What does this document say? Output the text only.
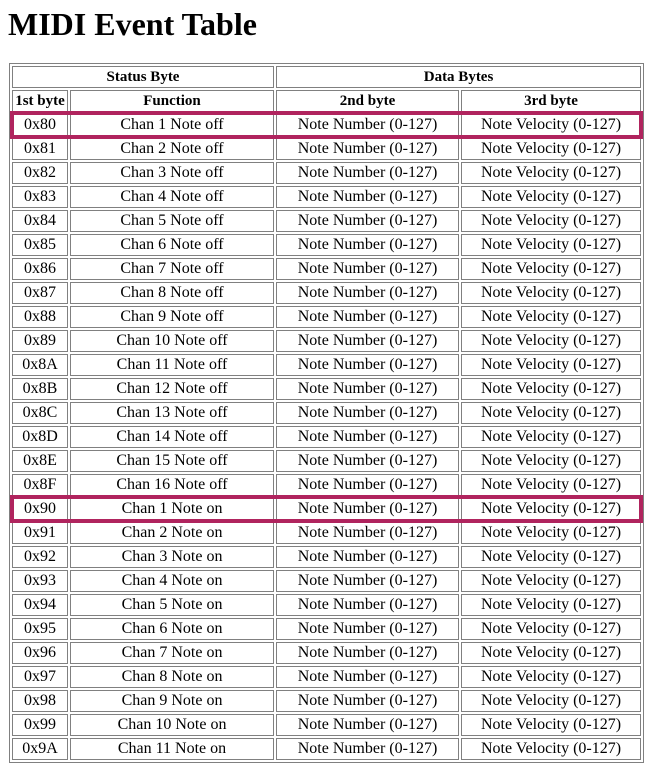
MIDI Event Table
Status Byte		Data Bytes	
1st byte	Function	2nd byte	3rd byte
0x80	Chan 1 Note off	Note Number (0-127)	Note Velocity (0-127)
0x81	Chan 2 Note off	Note Number (0-127)	Note Velocity (0-127)
0x82	Chan 3 Note off	Note Number (0-127)	Note Velocity (0-127)
0x83	Chan 4 Note off	Note Number (0-127)	Note Velocity (0-127)
0x84	Chan 5 Note off	Note Number (0-127)	Note Velocity (0-127)
0x85	Chan 6 Note off	Note Number (0-127)	Note Velocity (0-127)
0x86	Chan 7 Note off	Note Number (0-127)	Note Velocity (0-127)
0x87	Chan 8 Note off	Note Number (0-127)	Note Velocity (0-127)
0x88	Chan 9 Note off	Note Number (0-127)	Note Velocity (0-127)
0x89	Chan 10 Note off	Note Number (0-127)	Note Velocity (0-127)
0x8A	Chan 11 Note off	Note Number (0-127)	Note Velocity (0-127)
0x8B	Chan 12 Note off	Note Number (0-127)	Note Velocity (0-127)
0x8C	Chan 13 Note off	Note Number (0-127)	Note Velocity (0-127)
0x8D	Chan 14 Note off	Note Number (0-127)	Note Velocity (0-127)
0x8E	Chan 15 Note off	Note Number (0-127)	Note Velocity (0-127)
0x8F	Chan 16 Note off	Note Number (0-127)	Note Velocity (0-127)
0x90	Chan 1 Note on	Note Number (0-127)	Note Velocity (0-127)
0x91	Chan 2 Note on	Note Number (0-127)	Note Velocity (0-127)
0x92	Chan 3 Note on	Note Number (0-127)	Note Velocity (0-127)
0x93	Chan 4 Note on	Note Number (0-127)	Note Velocity (0-127)
0x94	Chan 5 Note on	Note Number (0-127)	Note Velocity (0-127)
0x95	Chan 6 Note on	Note Number (0-127)	Note Velocity (0-127)
0x96	Chan 7 Note on	Note Number (0-127)	Note Velocity (0-127)
0x97	Chan 8 Note on	Note Number (0-127)	Note Velocity (0-127)
0x98	Chan 9 Note on	Note Number (0-127)	Note Velocity (0-127)
0x99	Chan 10 Note on	Note Number (0-127)	Note Velocity (0-127)
0x9A	Chan 11 Note on	Note Number (0-127)	Note Velocity (0-127)
